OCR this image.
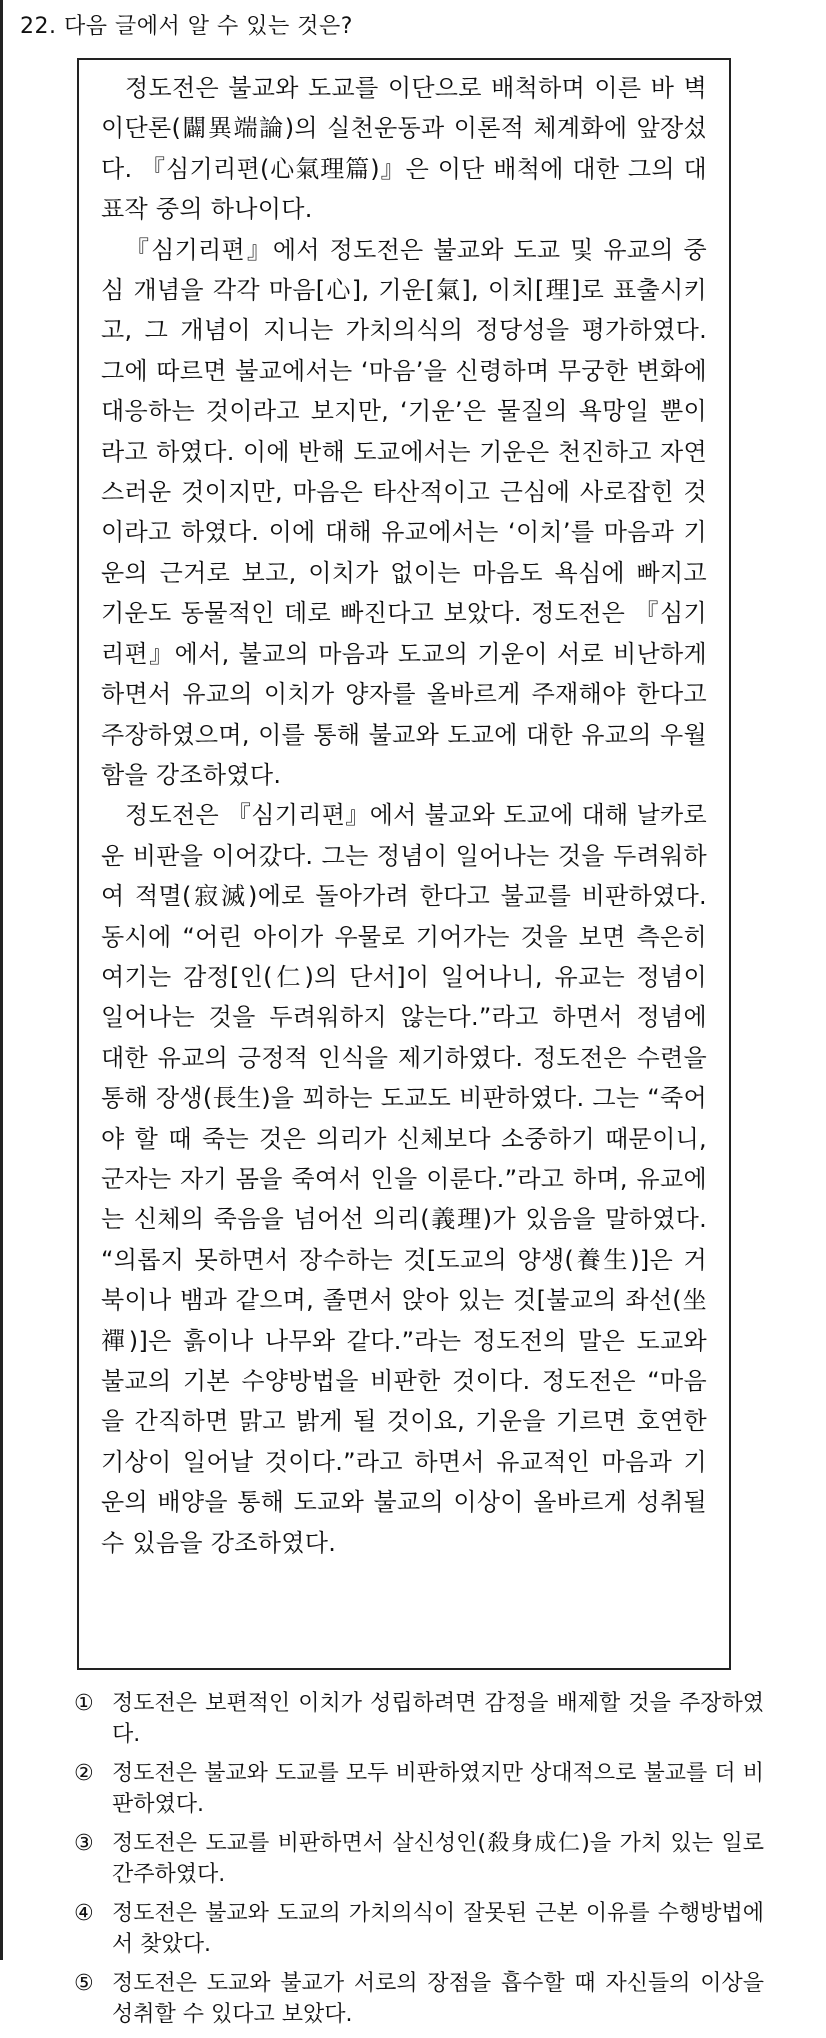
22. 다음 글에서 알 수 있는 것은?

정도전은 불교와 도교를 이단으로 배척하며 이른 바 벽이단론(闢異端論)의 실천운동과 이론적 체계화에 앞장섰다. 『심기리편(心氣理篇)』은 이단 배척에 대한 그의 대표작 중의 하나이다.

『심기리편』에서 정도전은 불교와 도교 및 유교의 중심 개념을 각각 마음[心], 기운[氣], 이치[理]로 표출시키고, 그 개념이 지니는 가치의식의 정당성을 평가하였다. 그에 따르면 불교에서는 ‘마음’을 신령하며 무궁한 변화에 대응하는 것이라고 보지만, ‘기운’은 물질의 욕망일 뿐이라고 하였다. 이에 반해 도교에서는 기운은 천진하고 자연스러운 것이지만, 마음은 타산적이고 근심에 사로잡힌 것이라고 하였다. 이에 대해 유교에서는 ‘이치’를 마음과 기운의 근거로 보고, 이치가 없이는 마음도 욕심에 빠지고 기운도 동물적인 데로 빠진다고 보았다. 정도전은 『심기리편』에서, 불교의 마음과 도교의 기운이 서로 비난하게 하면서 유교의 이치가 양자를 올바르게 주재해야 한다고 주장하였으며, 이를 통해 불교와 도교에 대한 유교의 우월함을 강조하였다.

정도전은 『심기리편』에서 불교와 도교에 대해 날카로운 비판을 이어갔다. 그는 정념이 일어나는 것을 두려워하여 적멸(寂滅)에로 돌아가려 한다고 불교를 비판하였다. 동시에 “어린 아이가 우물로 기어가는 것을 보면 측은히 여기는 감정[인(仁)의 단서]이 일어나니, 유교는 정념이 일어나는 것을 두려워하지 않는다.”라고 하면서 정념에 대한 유교의 긍정적 인식을 제기하였다. 정도전은 수련을 통해 장생(長生)을 꾀하는 도교도 비판하였다. 그는 “죽어야 할 때 죽는 것은 의리가 신체보다 소중하기 때문이니, 군자는 자기 몸을 죽여서 인을 이룬다.”라고 하며, 유교에는 신체의 죽음을 넘어선 의리(義理)가 있음을 말하였다. “의롭지 못하면서 장수하는 것[도교의 양생(養生)]은 거북이나 뱀과 같으며, 졸면서 앉아 있는 것[불교의 좌선(坐禪)]은 흙이나 나무와 같다.”라는 정도전의 말은 도교와 불교의 기본 수양방법을 비판한 것이다. 정도전은 “마음을 간직하면 맑고 밝게 될 것이요, 기운을 기르면 호연한 기상이 일어날 것이다.”라고 하면서 유교적인 마음과 기운의 배양을 통해 도교와 불교의 이상이 올바르게 성취될 수 있음을 강조하였다.

① 정도전은 보편적인 이치가 성립하려면 감정을 배제할 것을 주장하였다.
② 정도전은 불교와 도교를 모두 비판하였지만 상대적으로 불교를 더 비판하였다.
③ 정도전은 도교를 비판하면서 살신성인(殺身成仁)을 가치 있는 일로 간주하였다.
④ 정도전은 불교와 도교의 가치의식이 잘못된 근본 이유를 수행방법에서 찾았다.
⑤ 정도전은 도교와 불교가 서로의 장점을 흡수할 때 자신들의 이상을 성취할 수 있다고 보았다.
